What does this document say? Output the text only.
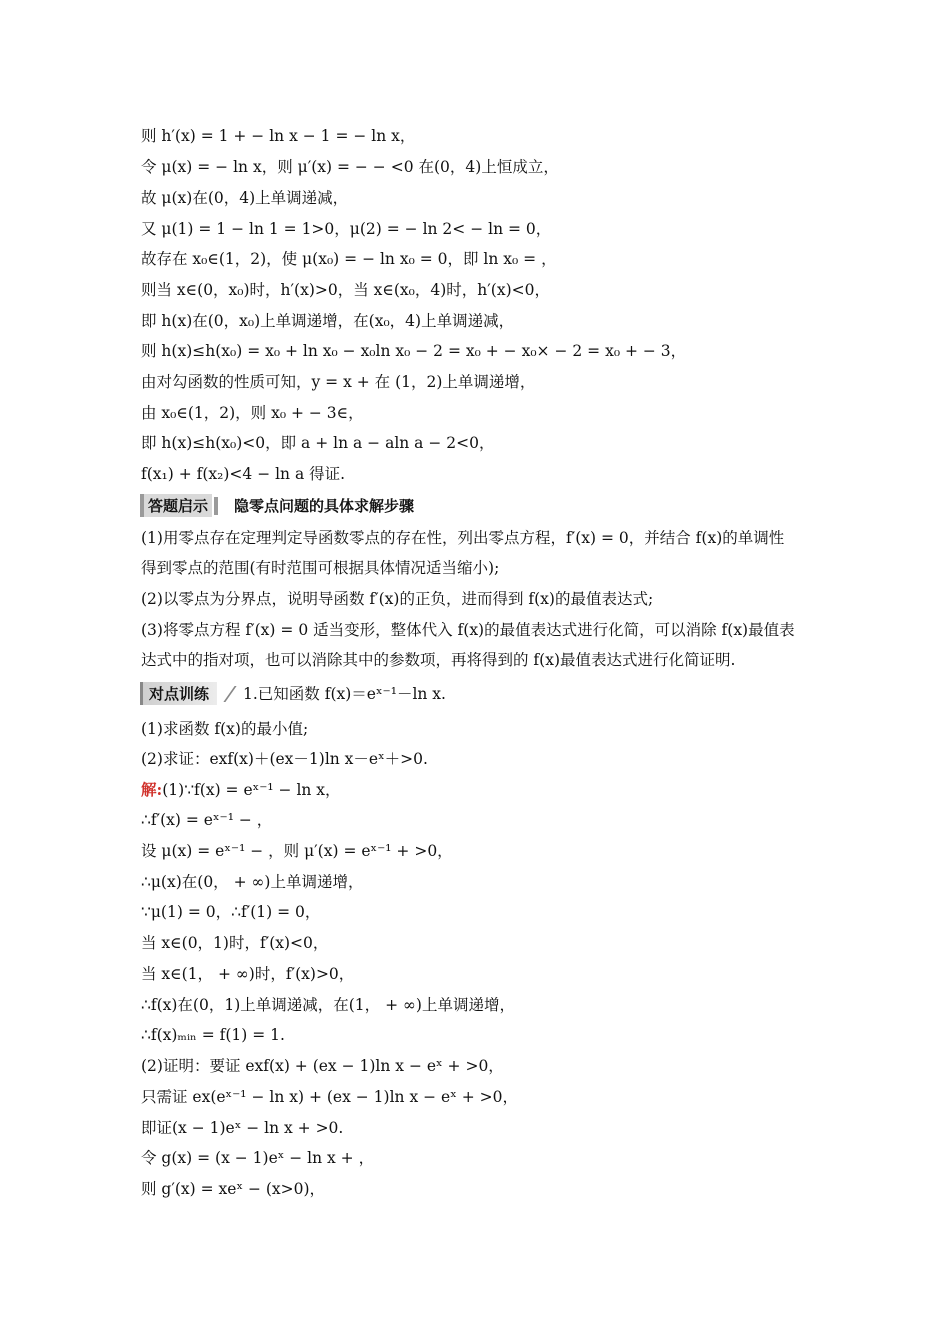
则 h′(x) = 1 + − ln x − 1 = − ln x，
令 μ(x) = − ln x，则 μ′(x) = − − <0 在(0，4)上恒成立，
故 μ(x)在(0，4)上单调递减，
又 μ(1) = 1 − ln 1 = 1>0，μ(2) = − ln 2< − ln = 0，
故存在 x₀∈(1，2)，使 μ(x₀) = − ln x₀ = 0，即 ln x₀ = ，
则当 x∈(0，x₀)时，h′(x)>0，当 x∈(x₀，4)时，h′(x)<0，
即 h(x)在(0，x₀)上单调递增，在(x₀，4)上单调递减，
则 h(x)≤h(x₀) = x₀ + ln x₀ − x₀ln x₀ − 2 = x₀ + − x₀× − 2 = x₀ + − 3，
由对勾函数的性质可知，y = x + 在 (1，2)上单调递增，
由 x₀∈(1，2)，则 x₀ + − 3∈，
即 h(x)≤h(x₀)<0，即 a + ln a − aln a − 2<0，
f(x₁) + f(x₂)<4 − ln a 得证.
答题启示 隐零点问题的具体求解步骤
(1)用零点存在定理判定导函数零点的存在性，列出零点方程，f′(x) = 0，并结合 f(x)的单调性
得到零点的范围(有时范围可根据具体情况适当缩小);
(2)以零点为分界点，说明导函数 f′(x)的正负，进而得到 f(x)的最值表达式;
(3)将零点方程 f′(x) = 0 适当变形，整体代入 f(x)的最值表达式进行化简，可以消除 f(x)最值表
达式中的指对项，也可以消除其中的参数项，再将得到的 f(x)最值表达式进行化简证明.
对点训练	1.已知函数 f(x)＝eˣ⁻¹－ln x.
(1)求函数 f(x)的最小值;
(2)求证：exf(x)＋(ex－1)ln x－eˣ＋>0.
解:(1)∵f(x) = eˣ⁻¹ − ln x，
∴f′(x) = eˣ⁻¹ − ，
设 μ(x) = eˣ⁻¹ − ，则 μ′(x) = eˣ⁻¹ + >0，
∴μ(x)在(0， + ∞)上单调递增，
∵μ(1) = 0，∴f′(1) = 0，
当 x∈(0，1)时，f′(x)<0，
当 x∈(1， + ∞)时，f′(x)>0，
∴f(x)在(0，1)上单调递减，在(1， + ∞)上单调递增，
∴f(x)ₘᵢₙ = f(1) = 1.
(2)证明：要证 exf(x) + (ex − 1)ln x − eˣ + >0，
只需证 ex(eˣ⁻¹ − ln x) + (ex − 1)ln x − eˣ + >0，
即证(x − 1)eˣ − ln x + >0.
令 g(x) = (x − 1)eˣ − ln x + ，
则 g′(x) = xeˣ − (x>0)，
